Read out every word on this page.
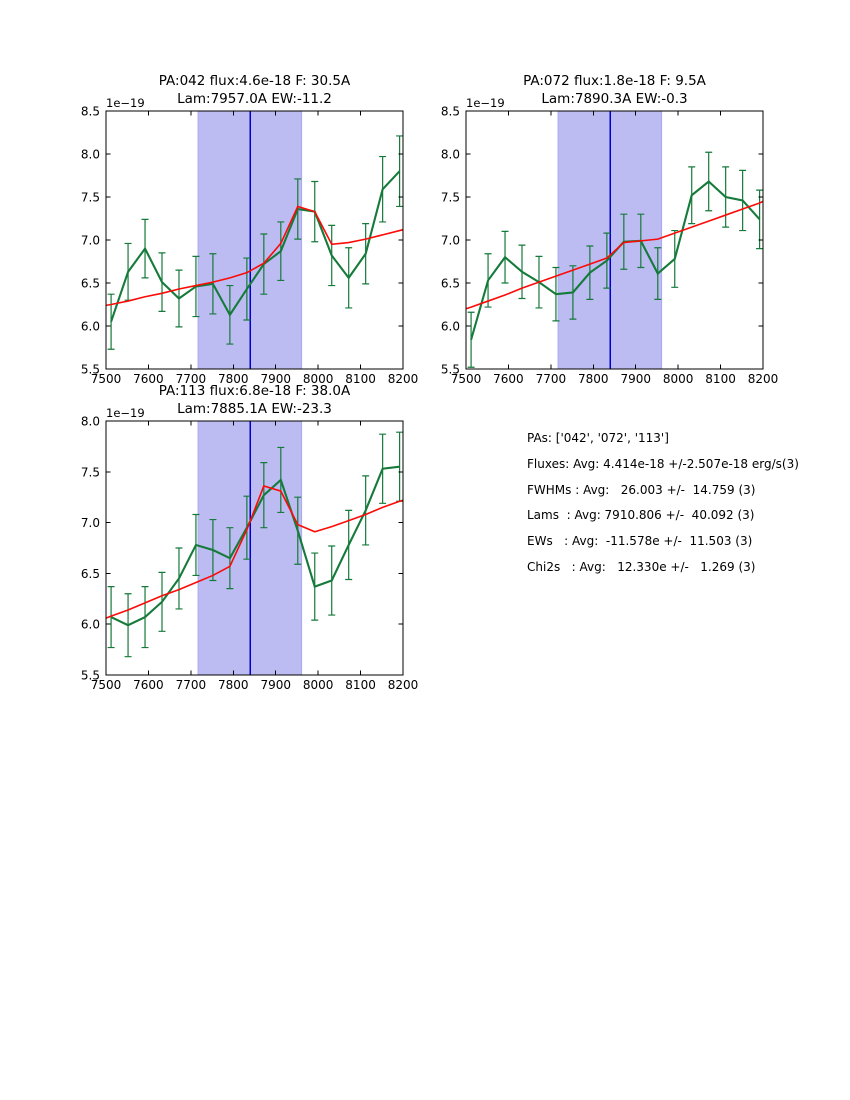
7500 7600 7700 7800 7900 8000 8100 8200
5.5
6.0
6.5
7.0
7.5
8.0
8.5
1e−19
PA:042 flux:4.6e-18 F: 30.5A
Lam:7957.0A EW:-11.2
7500 7600 7700 7800 7900 8000 8100 8200
5.5
6.0
6.5
7.0
7.5
8.0
8.5
1e−19
PA:072 flux:1.8e-18 F: 9.5A
Lam:7890.3A EW:-0.3
7500 7600 7700 7800 7900 8000 8100 8200
5.5
6.0
6.5
7.0
7.5
8.0
1e−19
PA:113 flux:6.8e-18 F: 38.0A
Lam:7885.1A EW:-23.3

PAs: ['042', '072', '113']

Fluxes: Avg: 4.414e-18 +/-2.507e-18 erg/s(3)

FWHMs : Avg:   26.003 +/-  14.759 (3)

Lams  : Avg: 7910.806 +/-  40.092 (3)

EWs   : Avg:  -11.578e +/-  11.503 (3)

Chi2s   : Avg:   12.330e +/-   1.269 (3)
